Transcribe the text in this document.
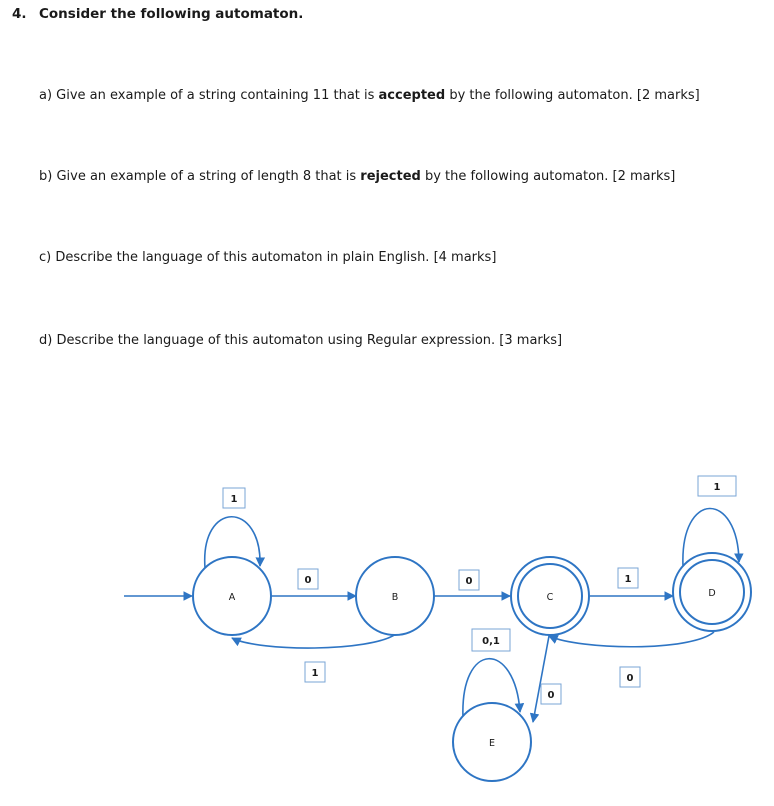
4. Consider the following automaton.
a) Give an example of a string containing 11 that is accepted by the following automaton. [2 marks]
b) Give an example of a string of length 8 that is rejected by the following automaton. [2 marks]
c) Describe the language of this automaton in plain English. [4 marks]
d) Describe the language of this automaton using Regular expression. [3 marks]
A	B	C	D
E
1
0
1
0	1
1
0
0
0,1
